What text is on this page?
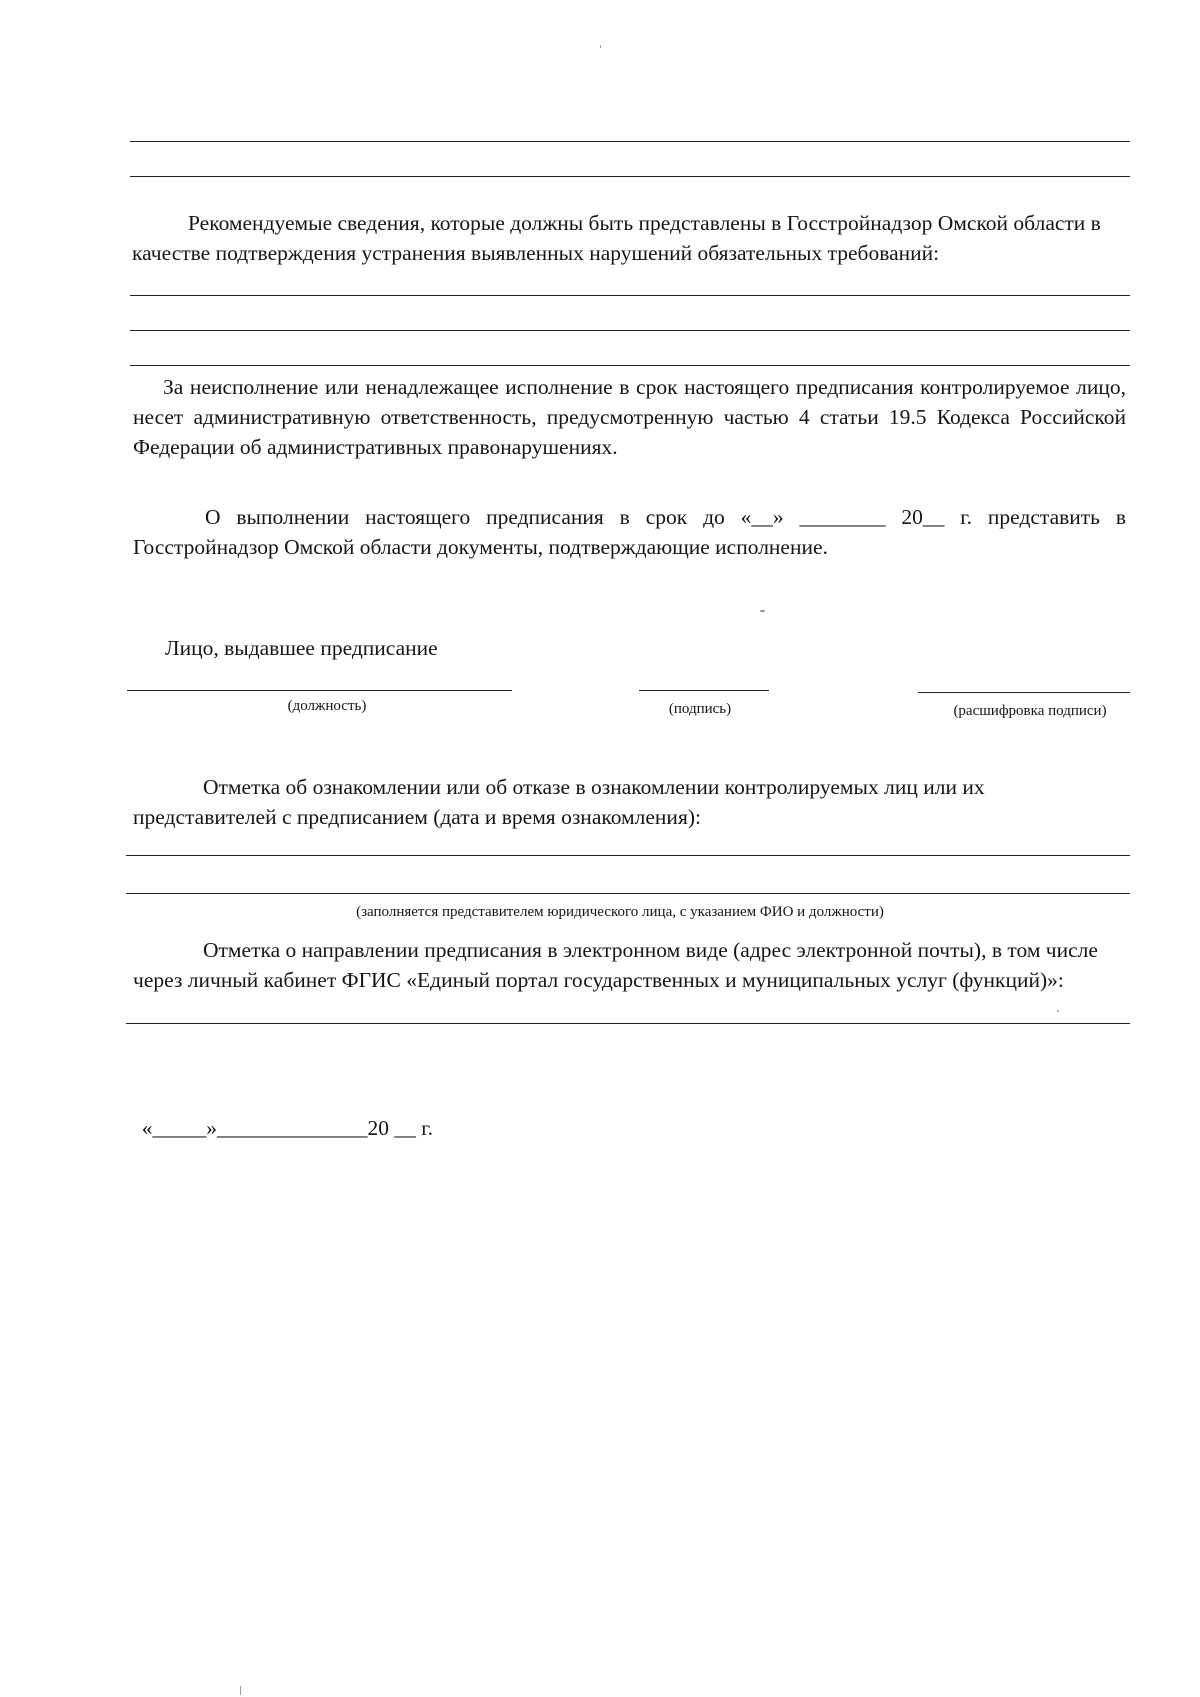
Рекомендуемые сведения, которые должны быть представлены в Госстройнадзор Омской области в качестве подтверждения устранения выявленных нарушений обязательных требований:

За неисполнение или ненадлежащее исполнение в срок настоящего предписания контролируемое лицо, несет административную ответственность, предусмотренную частью 4 статьи 19.5 Кодекса Российской Федерации об административных правонарушениях.

О выполнении настоящего предписания в срок до «__» ________ 20__ г. представить в Госстройнадзор Омской области документы, подтверждающие исполнение.

Лицо, выдавшее предписание

(должность)	(подпись)	(расшифровка подписи)

Отметка об ознакомлении или об отказе в ознакомлении контролируемых лиц или их представителей с предписанием (дата и время ознакомления):

(заполняется представителем юридического лица, с указанием ФИО и должности)

Отметка о направлении предписания в электронном виде (адрес электронной почты), в том числе через личный кабинет ФГИС «Единый портал государственных и муниципальных услуг (функций)»:

«_____»______________20 __ г.
